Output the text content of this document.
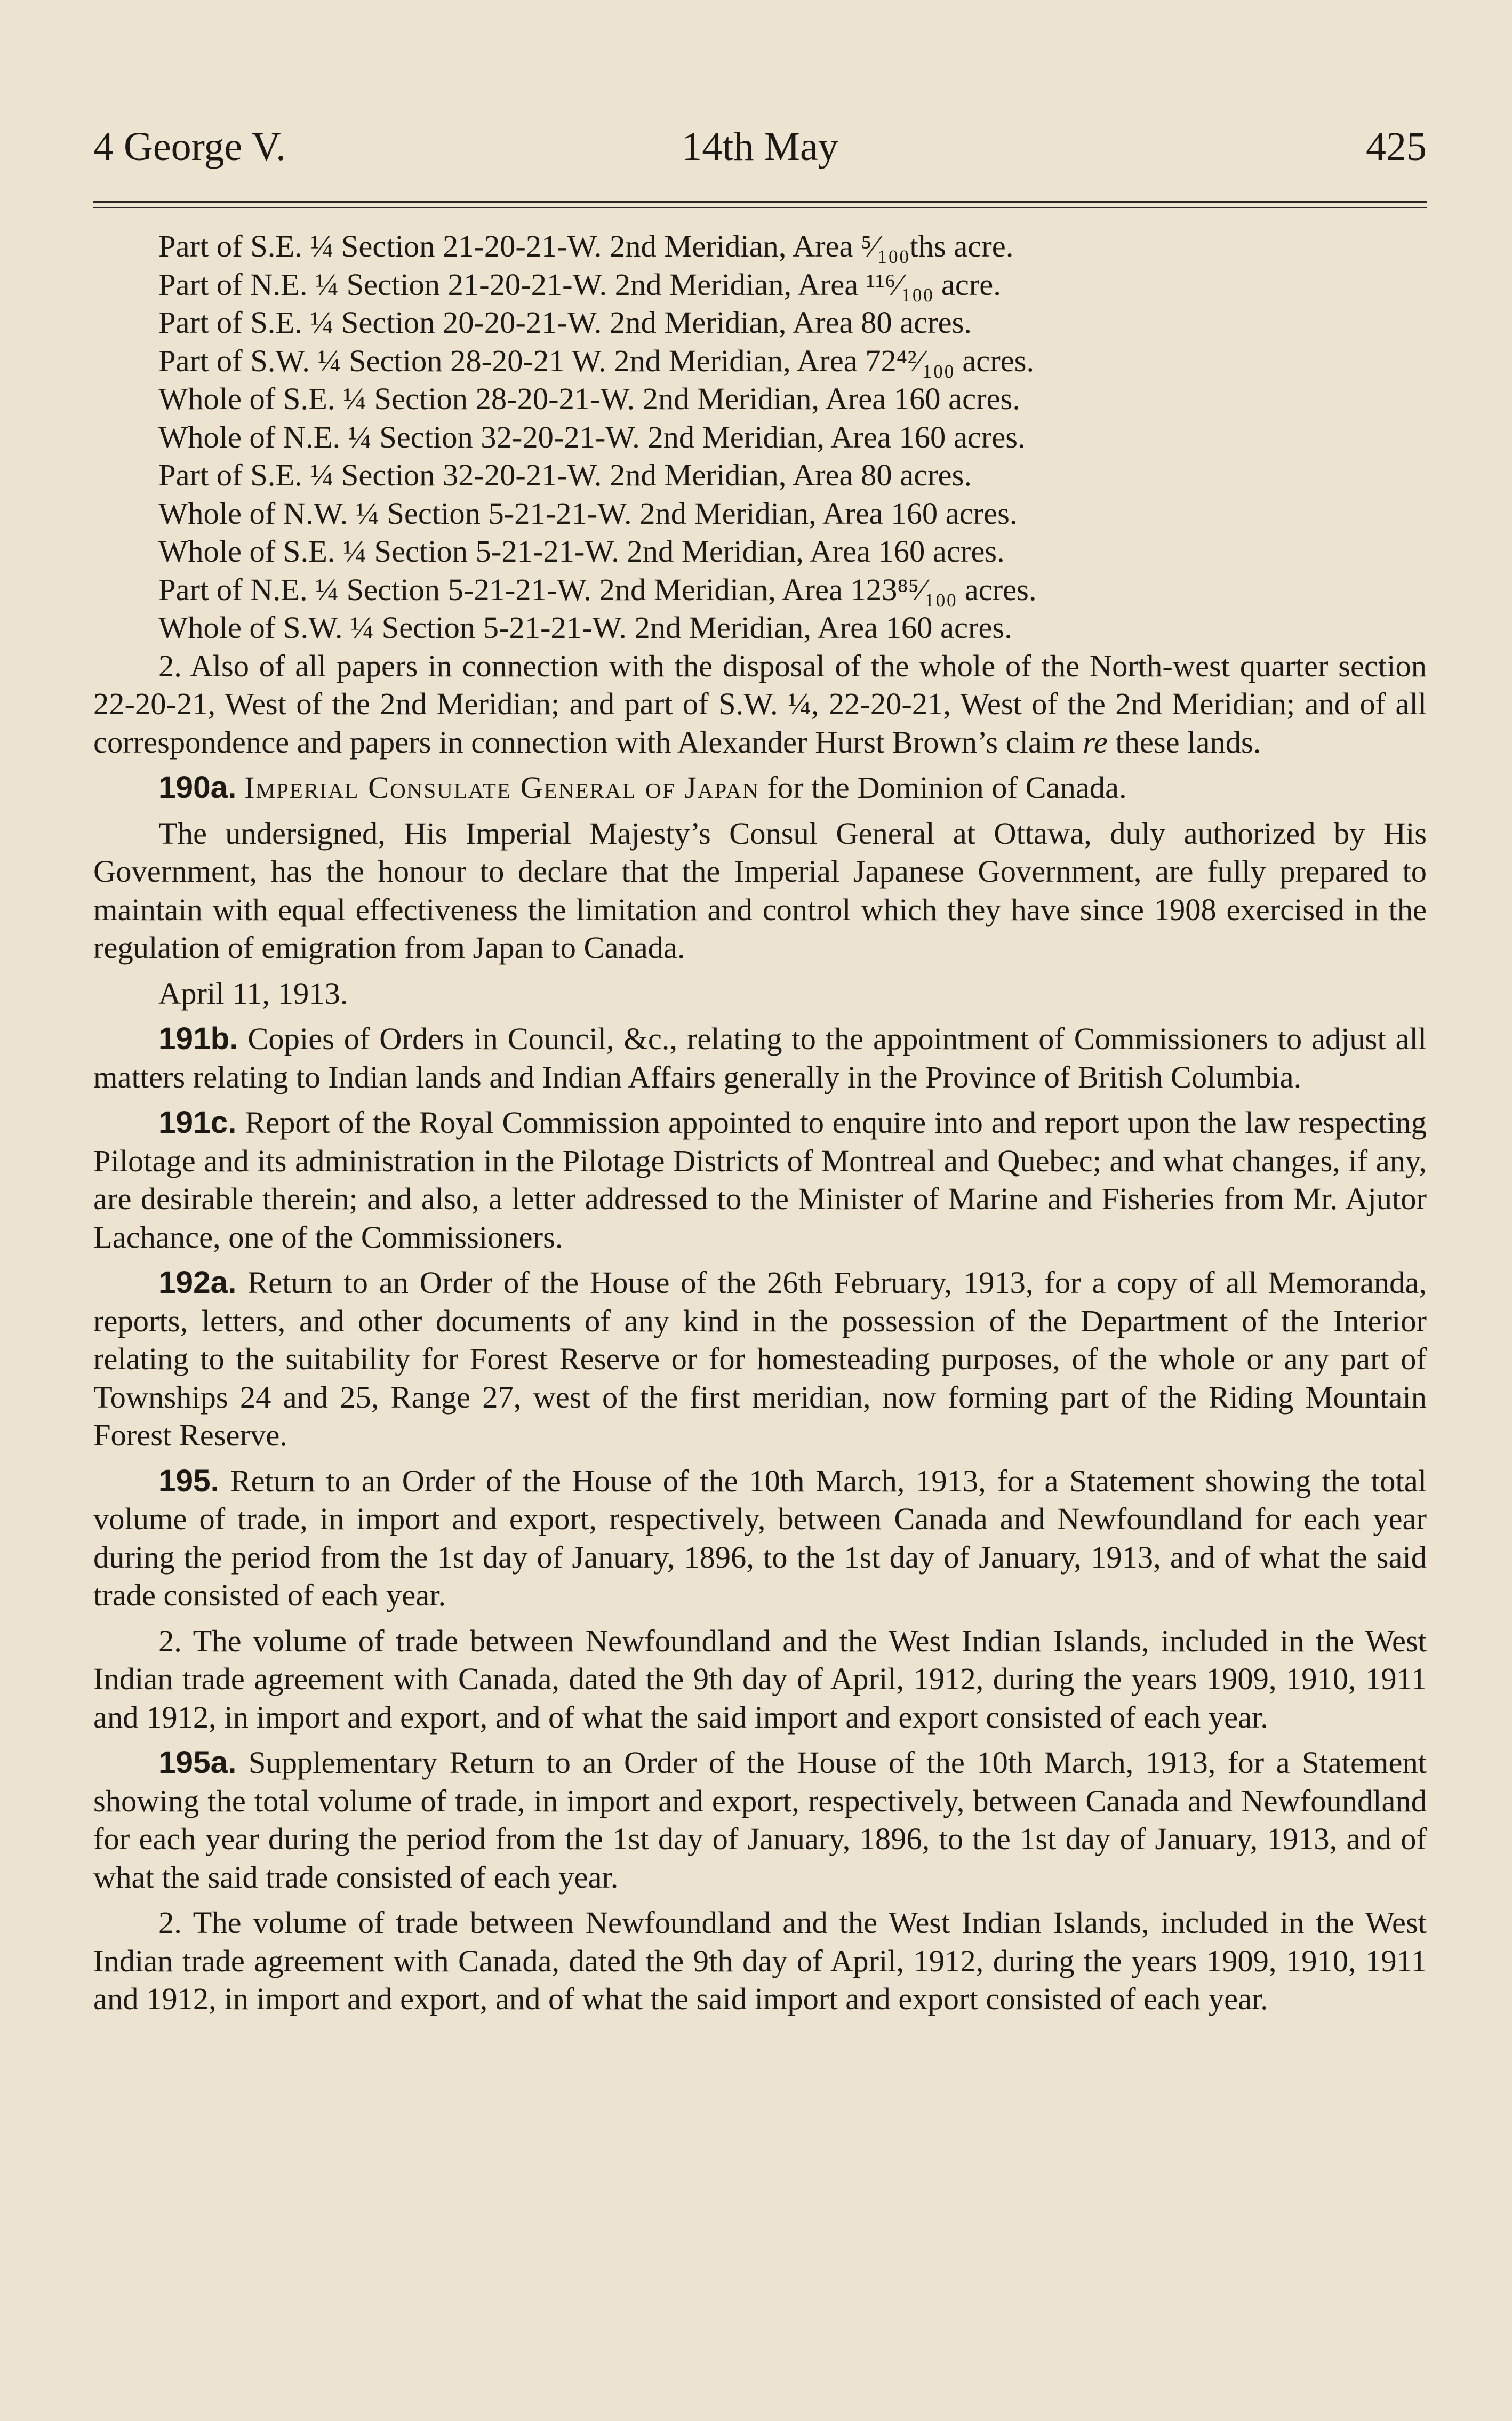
4 George V.	14th May	425
Part of S.E. ¼ Section 21-20-21-W. 2nd Meridian, Area ⁵⁄₁₀₀ths acre.
Part of N.E. ¼ Section 21-20-21-W. 2nd Meridian, Area ¹¹⁶⁄₁₀₀ acre.
Part of S.E. ¼ Section 20-20-21-W. 2nd Meridian, Area 80 acres.
Part of S.W. ¼ Section 28-20-21 W. 2nd Meridian, Area 72⁴²⁄₁₀₀ acres.
Whole of S.E. ¼ Section 28-20-21-W. 2nd Meridian, Area 160 acres.
Whole of N.E. ¼ Section 32-20-21-W. 2nd Meridian, Area 160 acres.
Part of S.E. ¼ Section 32-20-21-W. 2nd Meridian, Area 80 acres.
Whole of N.W. ¼ Section 5-21-21-W. 2nd Meridian, Area 160 acres.
Whole of S.E. ¼ Section 5-21-21-W. 2nd Meridian, Area 160 acres.
Part of N.E. ¼ Section 5-21-21-W. 2nd Meridian, Area 123⁸⁵⁄₁₀₀ acres.
Whole of S.W. ¼ Section 5-21-21-W. 2nd Meridian, Area 160 acres.

2. Also of all papers in connection with the disposal of the whole of the North-west quarter section 22-20-21, West of the 2nd Meridian; and part of S.W. ¼, 22-20-21, West of the 2nd Meridian; and of all correspondence and papers in connection with Alexander Hurst Brown’s claim re these lands.

190a. Imperial Consulate General of Japan for the Dominion of Canada.

The undersigned, His Imperial Majesty’s Consul General at Ottawa, duly authorized by His Government, has the honour to declare that the Imperial Japanese Government, are fully prepared to maintain with equal effectiveness the limitation and control which they have since 1908 exercised in the regulation of emigration from Japan to Canada.

April 11, 1913.

191b. Copies of Orders in Council, &c., relating to the appointment of Commissioners to adjust all matters relating to Indian lands and Indian Affairs generally in the Province of British Columbia.

191c. Report of the Royal Commission appointed to enquire into and report upon the law respecting Pilotage and its administration in the Pilotage Districts of Montreal and Quebec; and what changes, if any, are desirable therein; and also, a letter addressed to the Minister of Marine and Fisheries from Mr. Ajutor Lachance, one of the Commissioners.

192a. Return to an Order of the House of the 26th February, 1913, for a copy of all Memoranda, reports, letters, and other documents of any kind in the possession of the Department of the Interior relating to the suitability for Forest Reserve or for homesteading purposes, of the whole or any part of Townships 24 and 25, Range 27, west of the first meridian, now forming part of the Riding Mountain Forest Reserve.

195. Return to an Order of the House of the 10th March, 1913, for a Statement showing the total volume of trade, in import and export, respectively, between Canada and Newfoundland for each year during the period from the 1st day of January, 1896, to the 1st day of January, 1913, and of what the said trade consisted of each year.

2. The volume of trade between Newfoundland and the West Indian Islands, included in the West Indian trade agreement with Canada, dated the 9th day of April, 1912, during the years 1909, 1910, 1911 and 1912, in import and export, and of what the said import and export consisted of each year.

195a. Supplementary Return to an Order of the House of the 10th March, 1913, for a Statement showing the total volume of trade, in import and export, respectively, between Canada and Newfoundland for each year during the period from the 1st day of January, 1896, to the 1st day of January, 1913, and of what the said trade consisted of each year.

2. The volume of trade between Newfoundland and the West Indian Islands, included in the West Indian trade agreement with Canada, dated the 9th day of April, 1912, during the years 1909, 1910, 1911 and 1912, in import and export, and of what the said import and export consisted of each year.
